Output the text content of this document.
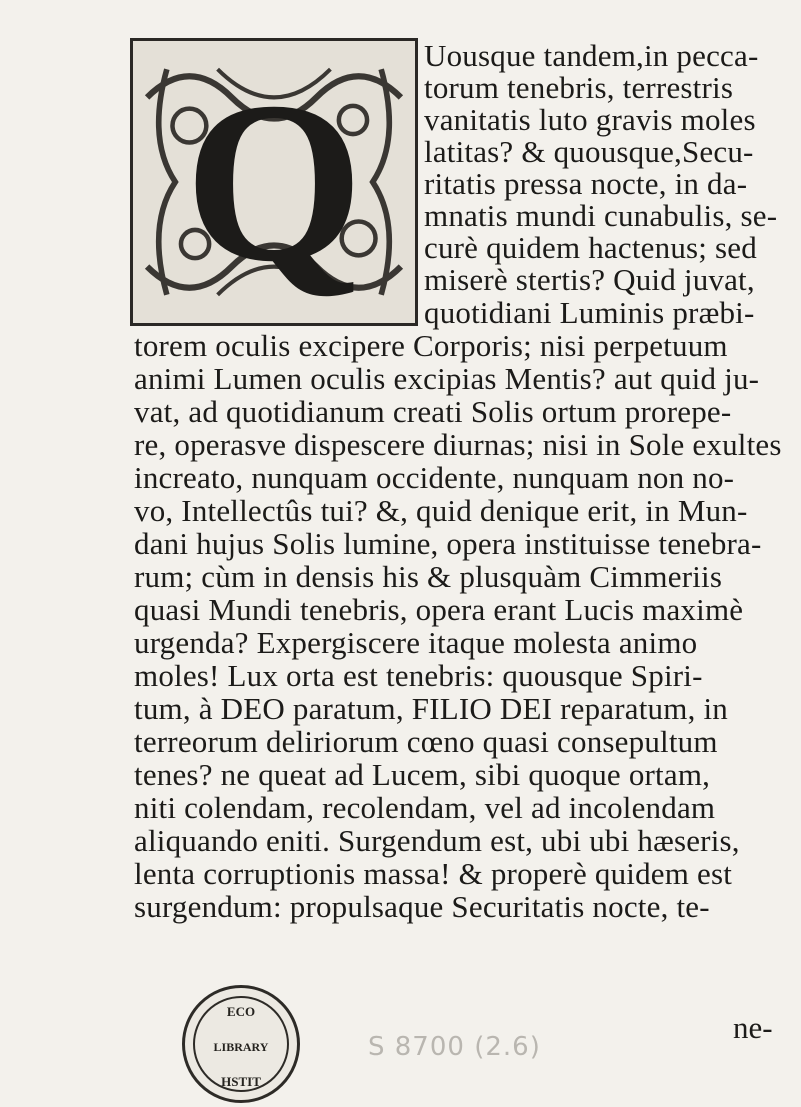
Q	Uousque tandem,in pecca-
torum tenebris, terrestris
vanitatis luto gravis moles
latitas? & quousque,Secu-
ritatis pressa nocte, in da-
mnatis mundi cunabulis, se-
curè quidem hactenus; sed
miserè stertis? Quid juvat,
quotidiani Luminis præbi-
torem oculis excipere Corporis; nisi perpetuum
animi Lumen oculis excipias Mentis? aut quid ju-
vat, ad quotidianum creati Solis ortum prorepe-
re, operasve dispescere diurnas; nisi in Sole exultes
increato, nunquam occidente, nunquam non no-
vo, Intellectûs tui? &, quid denique erit, in Mun-
dani hujus Solis lumine, opera instituisse tenebra-
rum; cùm in densis his & plusquàm Cimmeriis
quasi Mundi tenebris, opera erant Lucis maximè
urgenda? Expergiscere itaque molesta animo
moles! Lux orta est tenebris: quousque Spiri-
tum, à DEO paratum, FILIO DEI reparatum, in
terreorum deliriorum cœno quasi consepultum
tenes? ne queat ad Lucem, sibi quoque ortam,
niti colendam, recolendam, vel ad incolendam
aliquando eniti. Surgendum est, ubi ubi hæseris,
lenta corruptionis massa! & properè quidem est
surgendum: propulsaque Securitatis nocte, te-
ne-
ECO
LIBRARY
HSTIT
S 8700 (2.6)
